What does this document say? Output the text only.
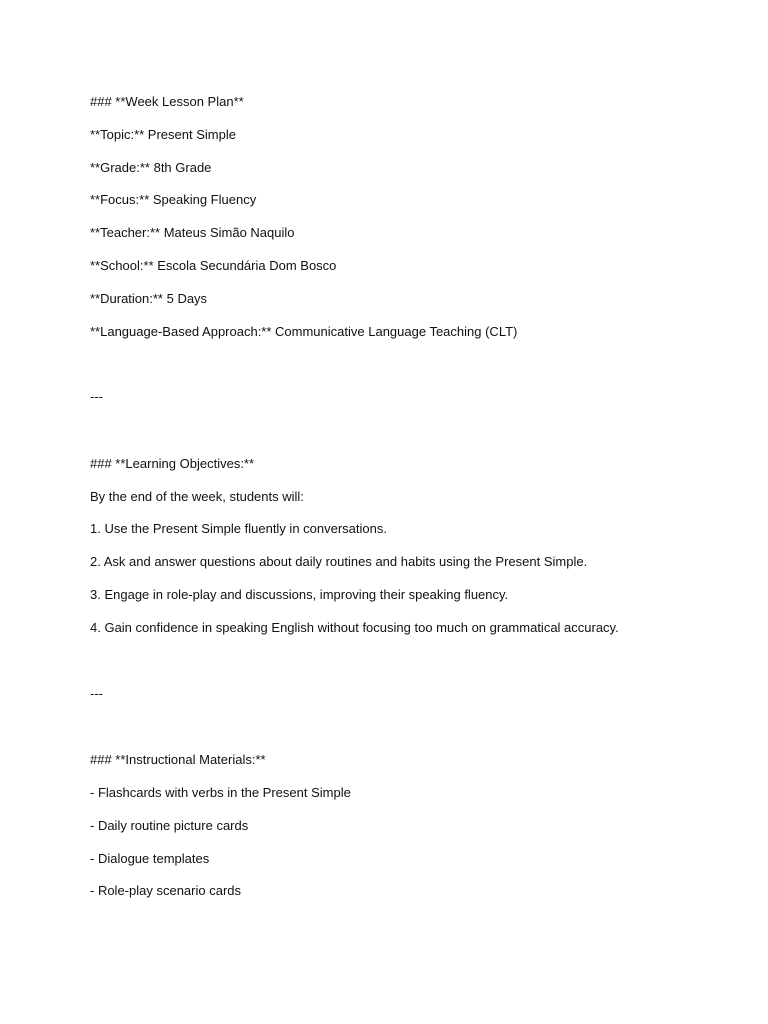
### **Week Lesson Plan**
**Topic:** Present Simple
**Grade:** 8th Grade
**Focus:** Speaking Fluency
**Teacher:** Mateus Simão Naquilo
**School:** Escola Secundária Dom Bosco
**Duration:** 5 Days
**Language-Based Approach:** Communicative Language Teaching (CLT)
---
### **Learning Objectives:**
By the end of the week, students will:
1. Use the Present Simple fluently in conversations.
2. Ask and answer questions about daily routines and habits using the Present Simple.
3. Engage in role-play and discussions, improving their speaking fluency.
4. Gain confidence in speaking English without focusing too much on grammatical accuracy.
---
### **Instructional Materials:**
- Flashcards with verbs in the Present Simple
- Daily routine picture cards
- Dialogue templates
- Role-play scenario cards
